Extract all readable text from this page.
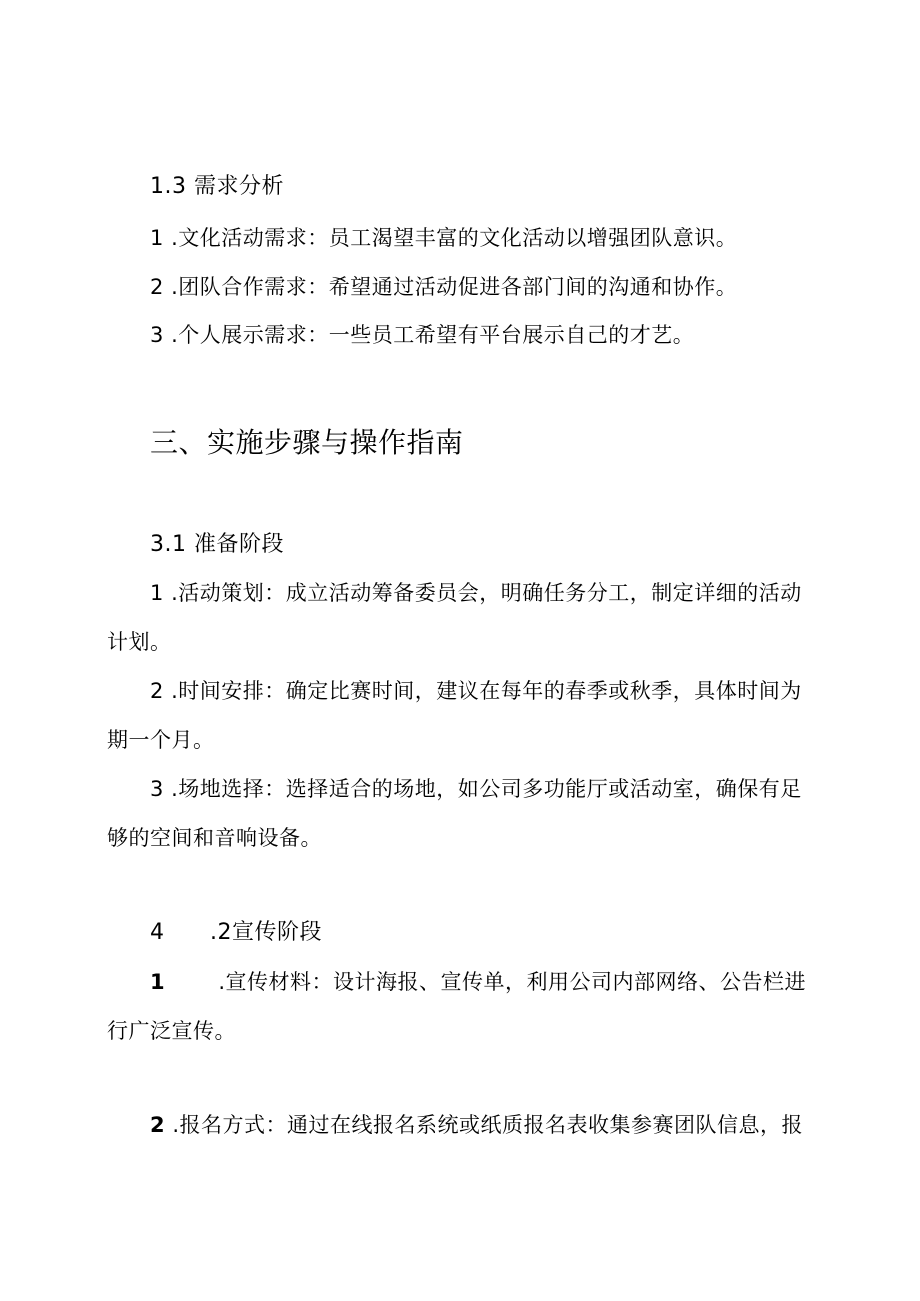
1.3 需求分析
1 .文化活动需求：员工渴望丰富的文化活动以增强团队意识。
2 .团队合作需求：希望通过活动促进各部门间的沟通和协作。
3 .个人展示需求：一些员工希望有平台展示自己的才艺。
三、实施步骤与操作指南
3.1 准备阶段
1 .活动策划：成立活动筹备委员会，明确任务分工，制定详细的活动
计划。
2 .时间安排：确定比赛时间，建议在每年的春季或秋季，具体时间为
期一个月。
3 .场地选择：选择适合的场地，如公司多功能厅或活动室，确保有足
够的空间和音响设备。
4 .2宣传阶段
1	.宣传材料：设计海报、宣传单，利用公司内部网络、公告栏进
行广泛宣传。
2 .报名方式：通过在线报名系统或纸质报名表收集参赛团队信息，报
